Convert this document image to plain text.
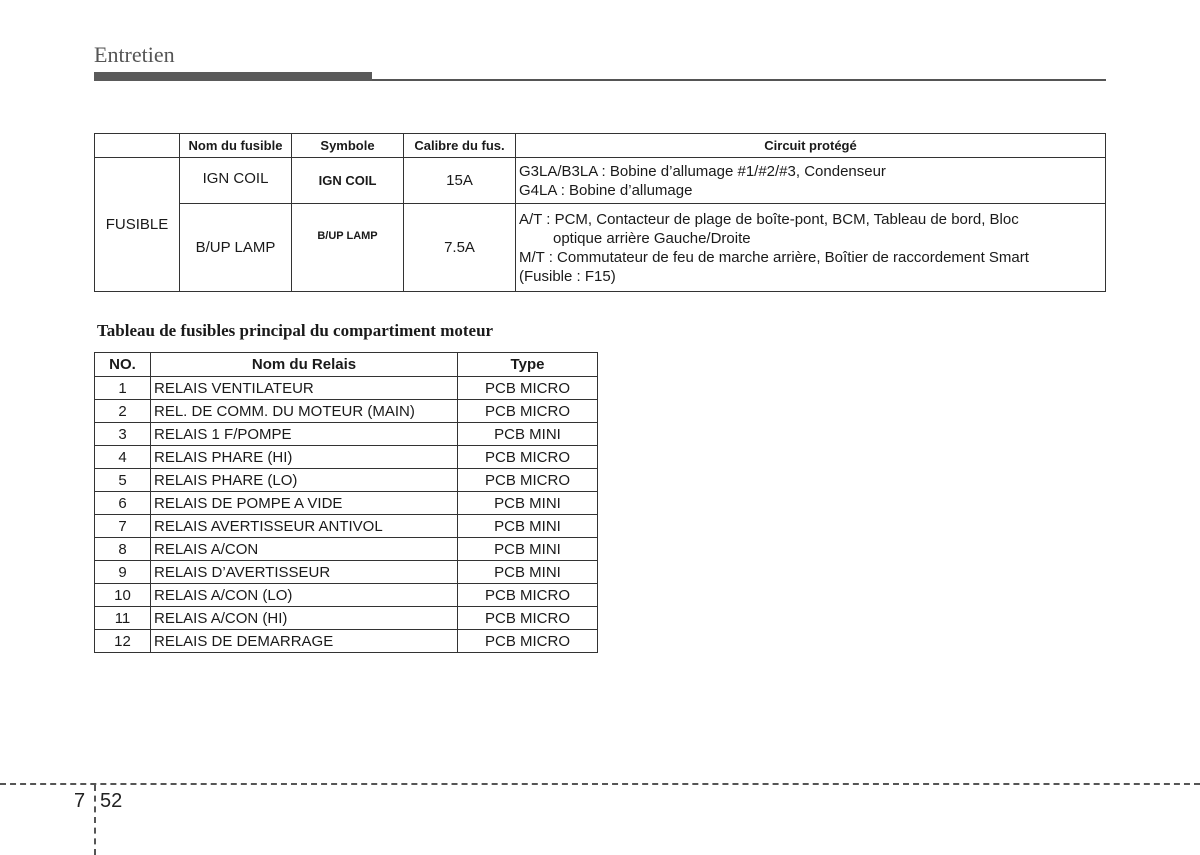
Entretien
	Nom du fusible	Symbole	Calibre du fus.	Circuit protégé
FUSIBLE	IGN COIL	IGN COIL	15A	G3LA/B3LA : Bobine d’allumage #1/#2/#3, Condenseur
G4LA : Bobine d’allumage

	B/UP LAMP	B/UP LAMP	7.5A	A/T : PCM, Contacteur de plage de boîte-pont, BCM, Tableau de bord, Bloc
optique arrière Gauche/Droite
M/T : Commutateur de feu de marche arrière, Boîtier de raccordement Smart
(Fusible : F15)
Tableau de fusibles principal du compartiment moteur
NO.	Nom du Relais	Type
1	RELAIS VENTILATEUR	PCB MICRO
2	REL. DE COMM. DU MOTEUR (MAIN)	PCB MICRO
3	RELAIS 1 F/POMPE	PCB MINI
4	RELAIS PHARE (HI)	PCB MICRO
5	RELAIS PHARE (LO)	PCB MICRO
6	RELAIS DE POMPE A VIDE	PCB MINI
7	RELAIS AVERTISSEUR ANTIVOL	PCB MINI
8	RELAIS A/CON	PCB MINI
9	RELAIS D’AVERTISSEUR	PCB MINI
10	RELAIS A/CON (LO)	PCB MICRO
11	RELAIS A/CON (HI)	PCB MICRO
12	RELAIS DE DEMARRAGE	PCB MICRO
7 52
